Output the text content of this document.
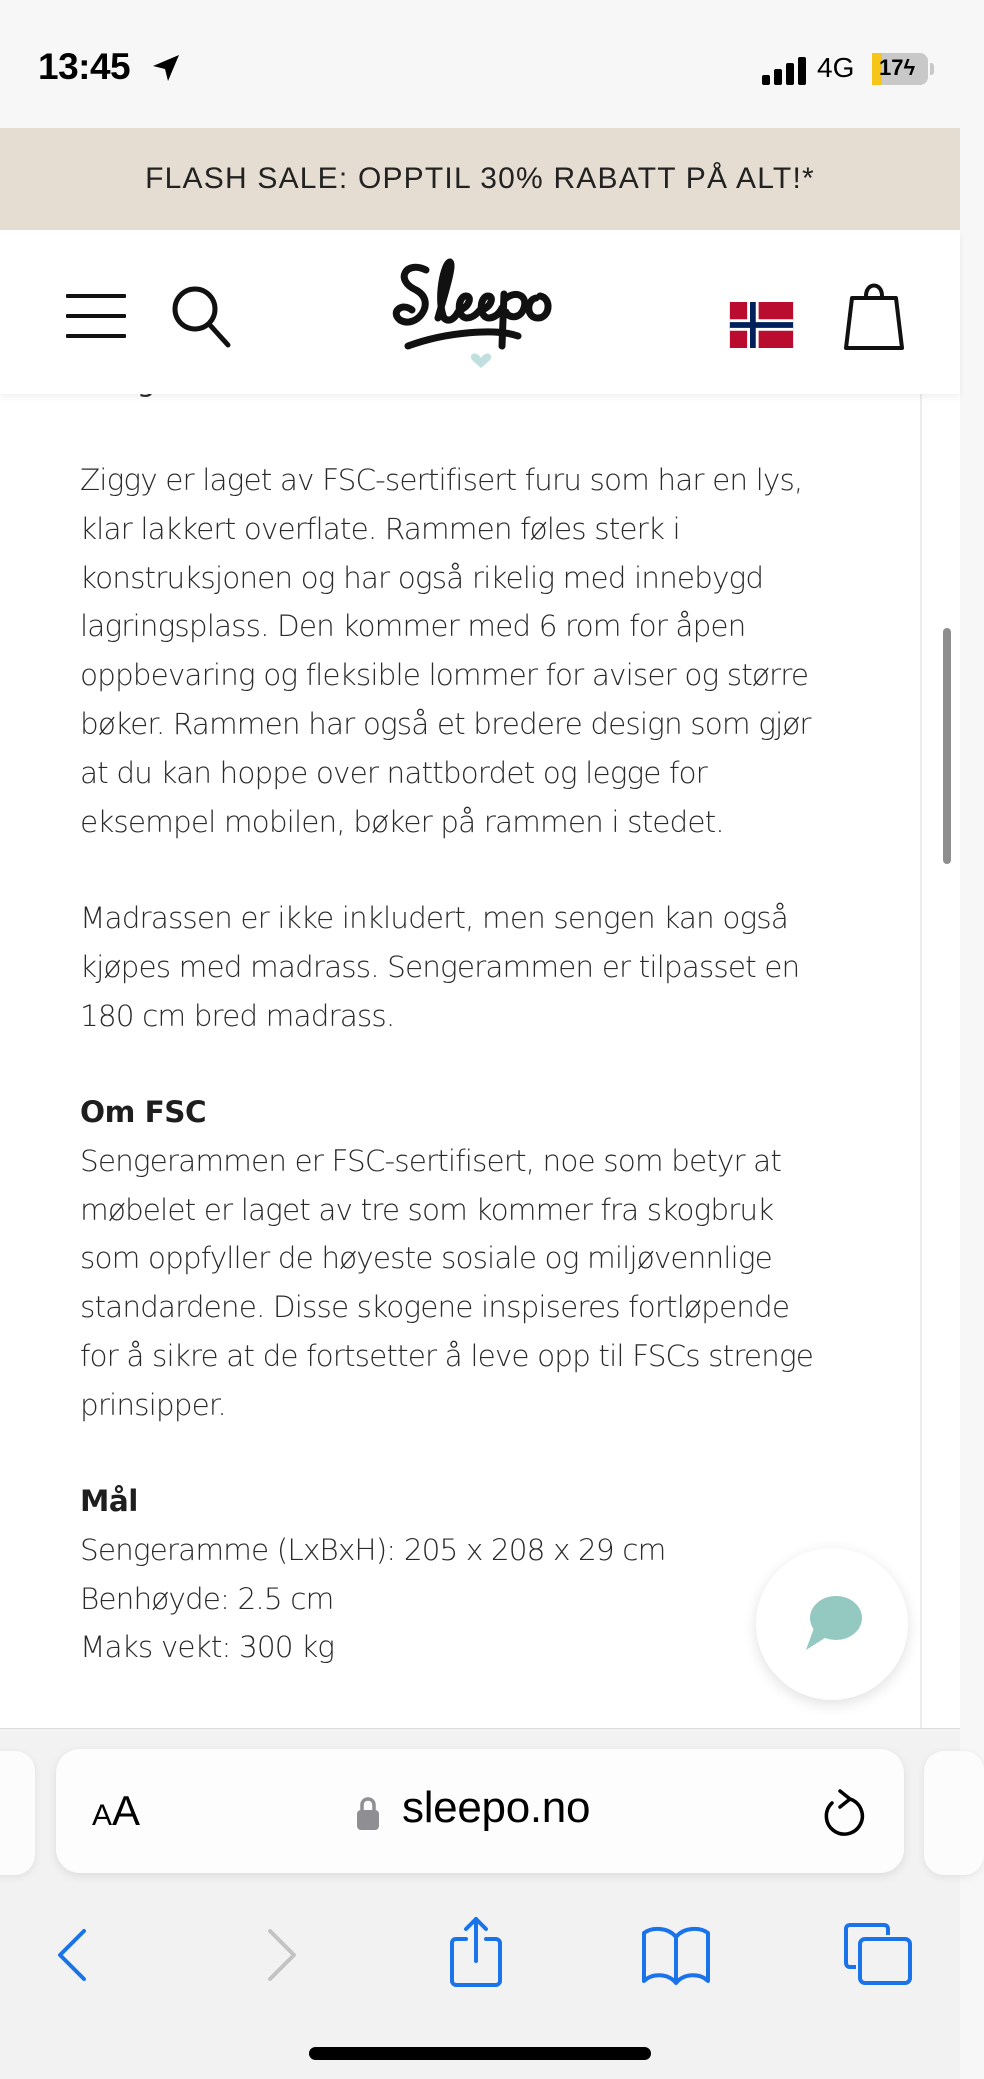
13:45	4G 17ϟ
FLASH SALE: OPPTIL 30% RABATT PÅ ALT!*

Ziggy er laget av FSC-sertifisert furu som har en lys,

klar lakkert overflate. Rammen føles sterk i

konstruksjonen og har også rikelig med innebygd

lagringsplass. Den kommer med 6 rom for åpen

oppbevaring og fleksible lommer for aviser og større

bøker. Rammen har også et bredere design som gjør

at du kan hoppe over nattbordet og legge for

eksempel mobilen, bøker på rammen i stedet.

Madrassen er ikke inkludert, men sengen kan også

kjøpes med madrass. Sengerammen er tilpasset en

180 cm bred madrass.

Om FSC

Sengerammen er FSC-sertifisert, noe som betyr at

møbelet er laget av tre som kommer fra skogbruk

som oppfyller de høyeste sosiale og miljøvennlige

standardene. Disse skogene inspiseres fortløpende

for å sikre at de fortsetter å leve opp til FSCs strenge

prinsipper.

Mål

Sengeramme (LxBxH): 205 x 208 x 29 cm

Benhøyde: 2.5 cm

Maks vekt: 300 kg

AA	sleepo.no
